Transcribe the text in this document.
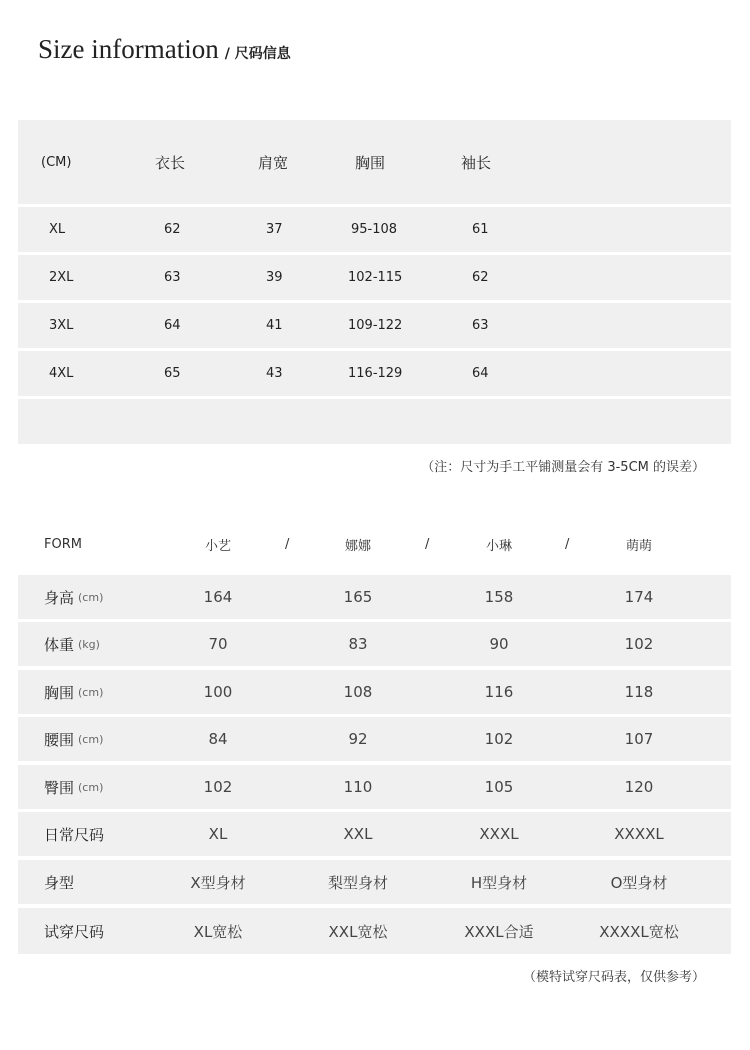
Size information / 尺码信息
(CM)	衣长	肩宽	胸围	袖长
XL	62	37	95-108	61
2XL	63	39	102-115	62
3XL	64	41	109-122	63
4XL	65	43	116-129	64
（注：尺寸为手工平铺测量会有 3-5CM 的误差）
FORM	小艺	/	娜娜	/	小琳	/	萌萌
身高 (cm)	164	165	158	174
体重 (kg)	70	83	90	102
胸围 (cm)	100	108	116	118
腰围 (cm)	84	92	102	107
臀围 (cm)	102	110	105	120
日常尺码	XL	XXL	XXXL	XXXXL
身型	X型身材	梨型身材	H型身材	O型身材
试穿尺码	XL宽松	XXL宽松	XXXL合适	XXXXL宽松
（模特试穿尺码表，仅供参考）
